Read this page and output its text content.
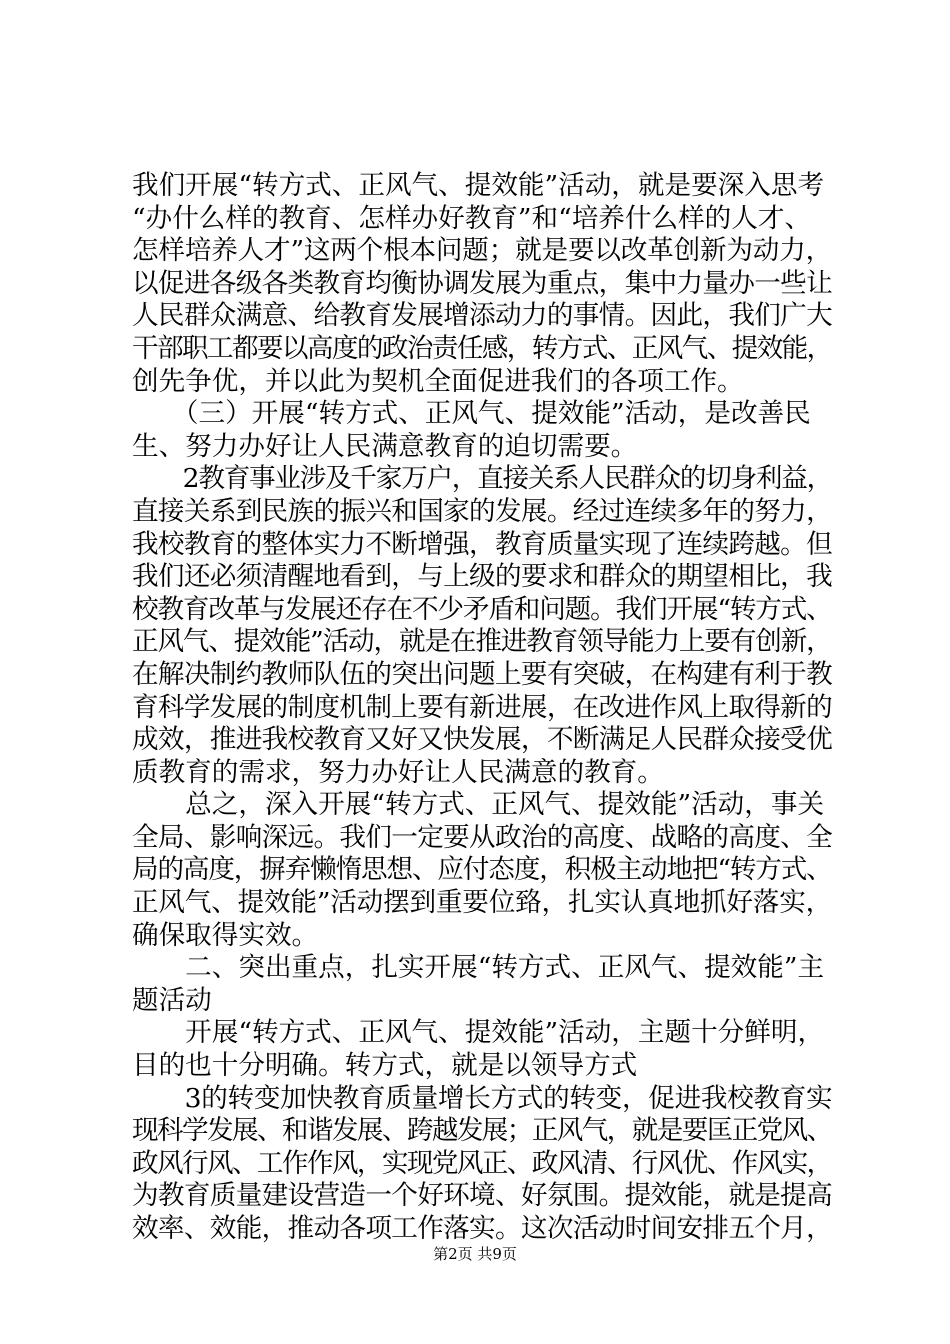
我们开展“转方式、正风气、提效能”活动，就是要深入思考
“办什么样的教育、怎样办好教育”和“培养什么样的人才、
怎样培养人才”这两个根本问题；就是要以改革创新为动力，
以促进各级各类教育均衡协调发展为重点，集中力量办一些让
人民群众满意、给教育发展增添动力的事情。因此，我们广大
干部职工都要以高度的政治责任感，转方式、正风气、提效能，
创先争优，并以此为契机全面促进我们的各项工作。
　　（三）开展“转方式、正风气、提效能”活动，是改善民
生、努力办好让人民满意教育的迫切需要。
　　2教育事业涉及千家万户，直接关系人民群众的切身利益，
直接关系到民族的振兴和国家的发展。经过连续多年的努力，
我校教育的整体实力不断增强，教育质量实现了连续跨越。但
我们还必须清醒地看到，与上级的要求和群众的期望相比，我
校教育改革与发展还存在不少矛盾和问题。我们开展“转方式、
正风气、提效能”活动，就是在推进教育领导能力上要有创新，
在解决制约教师队伍的突出问题上要有突破，在构建有利于教
育科学发展的制度机制上要有新进展，在改进作风上取得新的
成效，推进我校教育又好又快发展，不断满足人民群众接受优
质教育的需求，努力办好让人民满意的教育。
　　总之，深入开展“转方式、正风气、提效能”活动，事关
全局、影响深远。我们一定要从政治的高度、战略的高度、全
局的高度，摒弃懒惰思想、应付态度，积极主动地把“转方式、
正风气、提效能”活动摆到重要位臵，扎实认真地抓好落实，
确保取得实效。
　　二、突出重点，扎实开展“转方式、正风气、提效能”主
题活动
　　开展“转方式、正风气、提效能”活动，主题十分鲜明，
目的也十分明确。转方式，就是以领导方式
　　3的转变加快教育质量增长方式的转变，促进我校教育实
现科学发展、和谐发展、跨越发展；正风气，就是要匡正党风、
政风行风、工作作风，实现党风正、政风清、行风优、作风实，
为教育质量建设营造一个好环境、好氛围。提效能，就是提高
效率、效能，推动各项工作落实。这次活动时间安排五个月，
第2页 共9页
